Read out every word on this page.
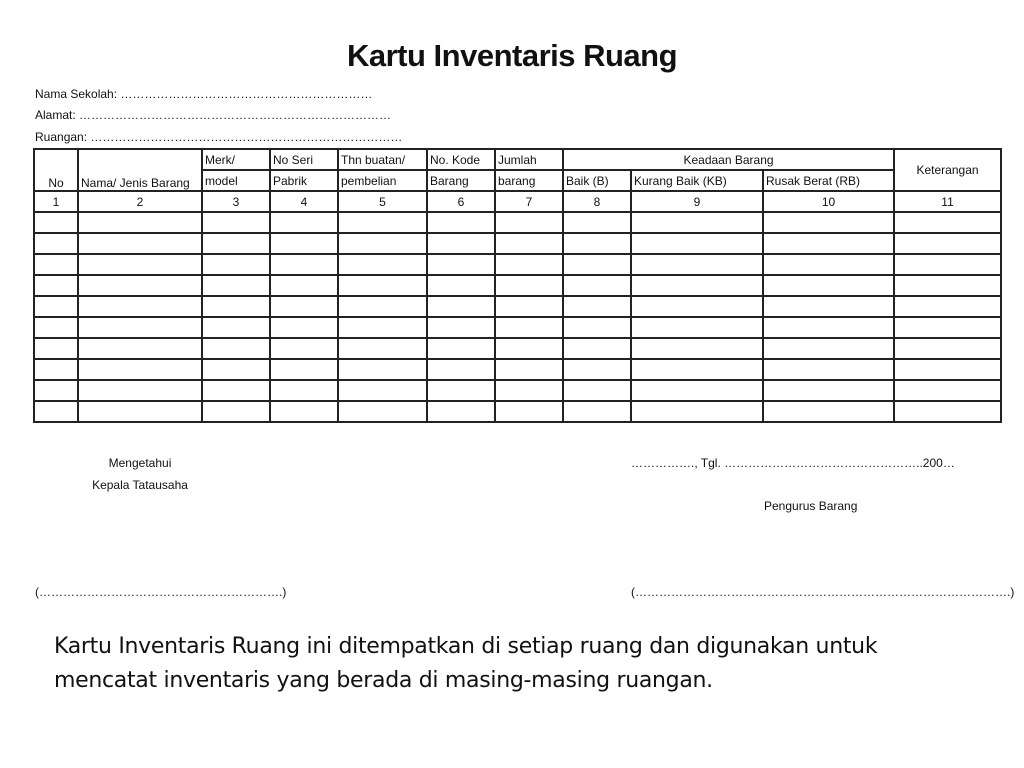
Kartu Inventaris Ruang
Nama Sekolah: ………………………………………………………
Alamat: ……………………………………………………………………
Ruangan: ……………………………………………………………………
No	Nama/ Jenis Barang	Merk/	No Seri	Thn buatan/	No. Kode	Jumlah	Keadaan Barang			Keterangan
		model	Pabrik	pembelian	Barang	barang	Baik (B)	Kurang Baik (KB)	Rusak Berat (RB)	
1	2	3	4	5	6	7	8	9	10	11

Mengetahui
Kepala Tatausaha
……………., Tgl. …………………………………………..200…
Pengurus Barang
(…………………………………………………….)	(………………………………………………………………………………….)
Kartu Inventaris Ruang ini ditempatkan di setiap ruang dan digunakan untuk mencatat inventaris yang berada di masing-masing ruangan.
